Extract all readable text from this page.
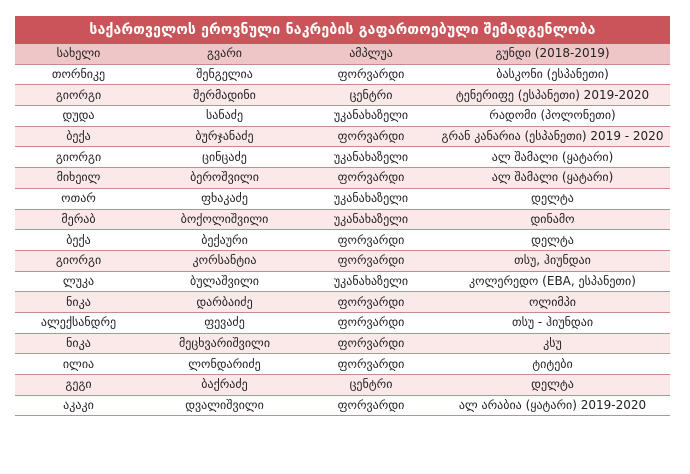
საქართველოს ეროვნული ნაკრების გაფართოებული შემადგენლობა
სახელი	გვარი	ამპლუა	გუნდი (2018-2019)
თორნიკე	შენგელია	ფორვარდი	ბასკონი (ესპანეთი)
გიორგი	შერმადინი	ცენტრი	ტენერიფე (ესპანეთი) 2019-2020
დუდა	სანაძე	უკანახაზელი	რადომი (პოლონეთი)
ბექა	ბურჯანაძე	ფორვარდი	გრან კანარია (ესპანეთი) 2019 - 2020
გიორგი	ცინცაძე	უკანახაზელი	ალ შამალი (ყატარი)
მიხეილ	ბეროშვილი	ფორვარდი	ალ შამალი (ყატარი)
ოთარ	ფხაკაძე	უკანახაზელი	დელტა
მერაბ	ბოქოლიშვილი	უკანახაზელი	დინამო
ბექა	ბექაური	ფორვარდი	დელტა
გიორგი	კორსანტია	ფორვარდი	თსუ, ჰიუნდაი
ლუკა	ბულაშვილი	უკანახაზელი	კოლერედო (EBA, ესპანეთი)
ნიკა	დარბაიძე	ფორვარდი	ოლიმპი
ალექსანდრე	ფევაძე	ფორვარდი	თსუ - ჰიუნდაი
ნიკა	მეცხვარიშვილი	ფორვარდი	კსუ
ილია	ლონდარიძე	ფორვარდი	ტიტები
გეგი	ბაქრაძე	ცენტრი	დელტა
აკაკი	დვალიშვილი	ფორვარდი	ალ არაბია (ყატარი) 2019-2020
